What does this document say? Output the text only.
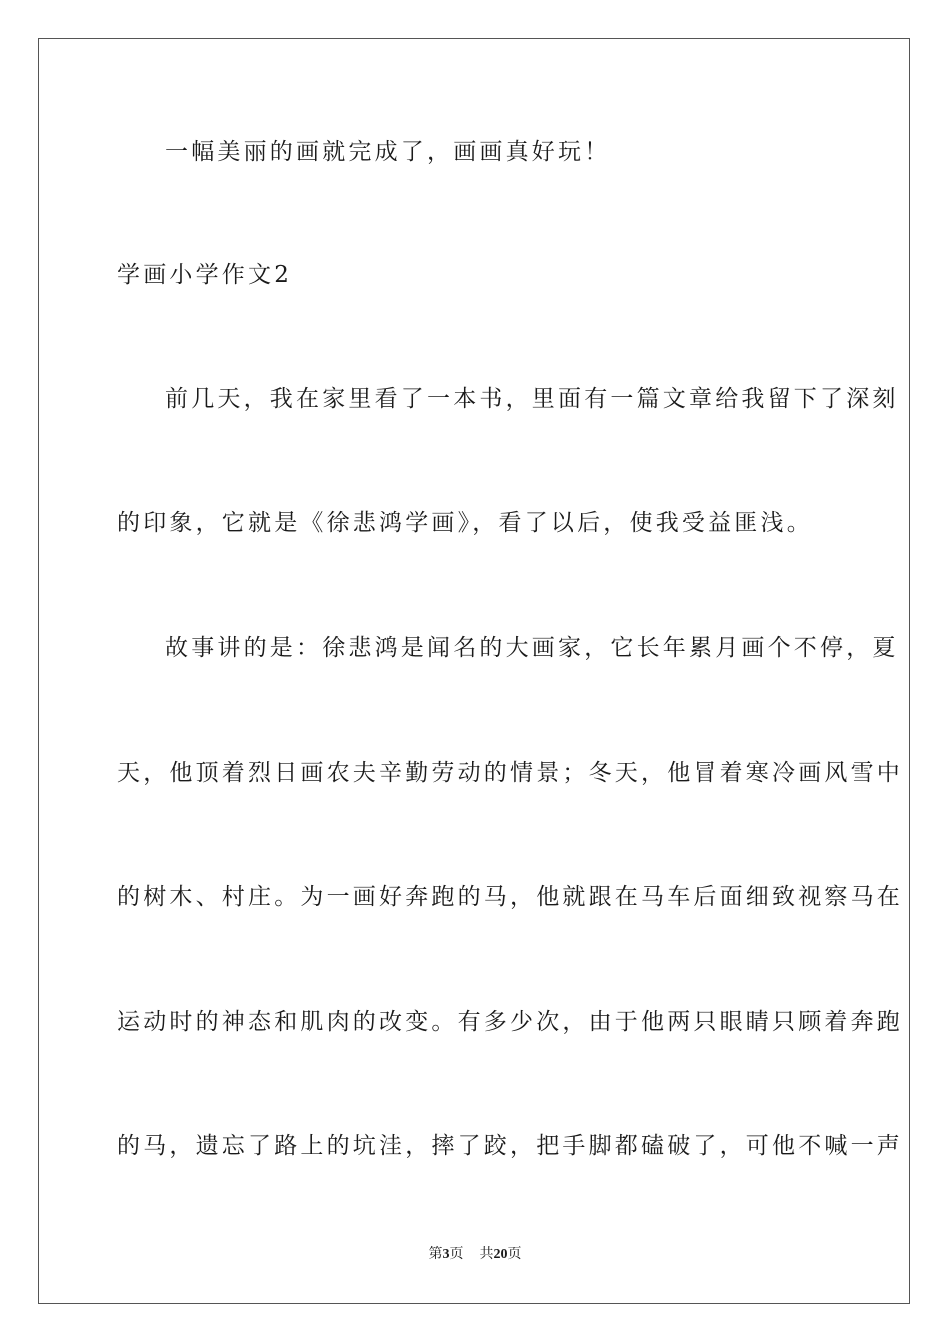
一幅美丽的画就完成了，画画真好玩！
学画小学作文2
前几天，我在家里看了一本书，里面有一篇文章给我留下了深刻
的印象，它就是《徐悲鸿学画》，看了以后，使我受益匪浅。
故事讲的是：徐悲鸿是闻名的大画家，它长年累月画个不停，夏
天，他顶着烈日画农夫辛勤劳动的情景；冬天，他冒着寒冷画风雪中
的树木、村庄。为一画好奔跑的马，他就跟在马车后面细致视察马在
运动时的神态和肌肉的改变。有多少次，由于他两只眼睛只顾着奔跑
的马，遗忘了路上的坑洼，摔了跤，把手脚都磕破了，可他不喊一声
第3页 共20页
